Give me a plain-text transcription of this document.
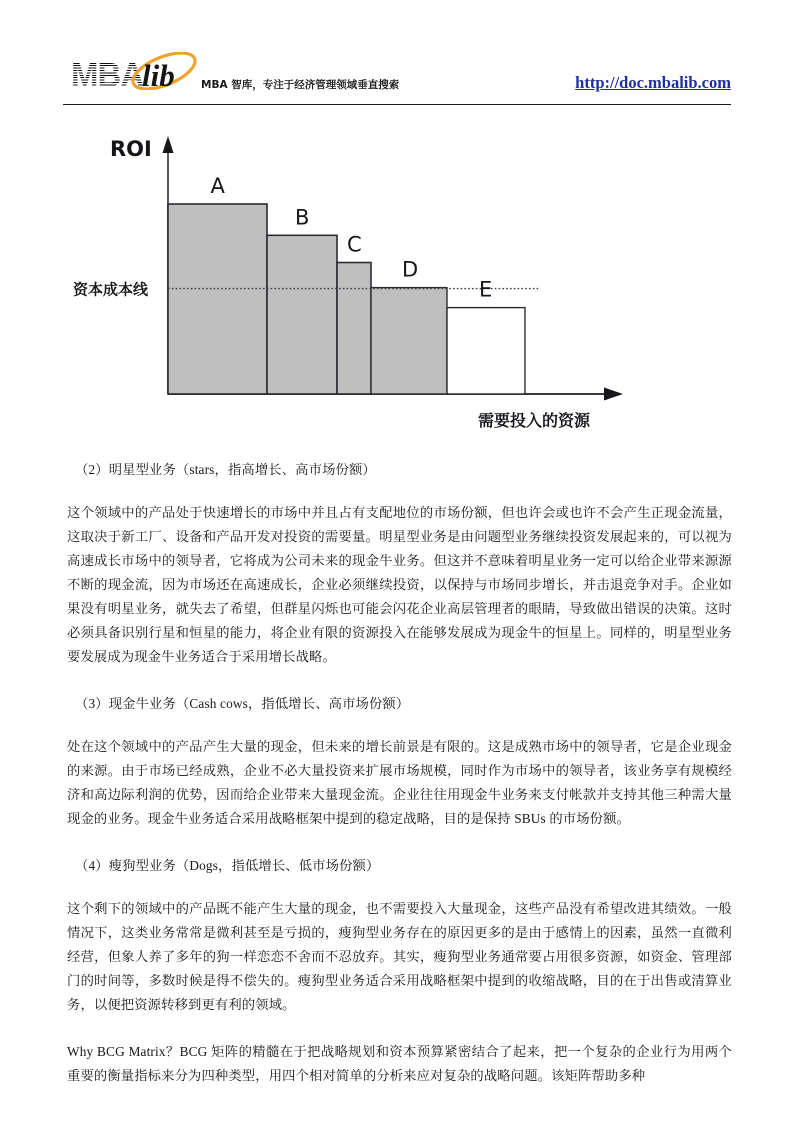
MBA
lib	MBA 智库，专注于经济管理领域垂直搜索	http://doc.mbalib.com
ROI
资本成本线
A
B
C
D
E
需要投入的资源

（2）明星型业务（stars，指高增长、高市场份额）

这个领域中的产品处于快速增长的市场中并且占有支配地位的市场份额，但也许会或也许不会产生正现金流量，这取决于新工厂、设备和产品开发对投资的需要量。明星型业务是由问题型业务继续投资发展起来的，可以视为高速成长市场中的领导者，它将成为公司未来的现金牛业务。但这并不意味着明星业务一定可以给企业带来源源不断的现金流，因为市场还在高速成长，企业必须继续投资，以保持与市场同步增长，并击退竞争对手。企业如果没有明星业务，就失去了希望，但群星闪烁也可能会闪花企业高层管理者的眼睛，导致做出错误的决策。这时必须具备识别行星和恒星的能力，将企业有限的资源投入在能够发展成为现金牛的恒星上。同样的，明星型业务要发展成为现金牛业务适合于采用增长战略。

（3）现金牛业务（Cash cows，指低增长、高市场份额）

处在这个领域中的产品产生大量的现金，但未来的增长前景是有限的。这是成熟市场中的领导者，它是企业现金的来源。由于市场已经成熟，企业不必大量投资来扩展市场规模，同时作为市场中的领导者，该业务享有规模经济和高边际利润的优势，因而给企业带来大量现金流。企业往往用现金牛业务来支付帐款并支持其他三种需大量现金的业务。现金牛业务适合采用战略框架中提到的稳定战略，目的是保持 SBUs 的市场份额。

（4）瘦狗型业务（Dogs，指低增长、低市场份额）

这个剩下的领域中的产品既不能产生大量的现金，也不需要投入大量现金，这些产品没有希望改进其绩效。一般情况下，这类业务常常是微利甚至是亏损的，瘦狗型业务存在的原因更多的是由于感情上的因素，虽然一直微利经营，但象人养了多年的狗一样恋恋不舍而不忍放弃。其实，瘦狗型业务通常要占用很多资源，如资金、管理部门的时间等，多数时候是得不偿失的。瘦狗型业务适合采用战略框架中提到的收缩战略，目的在于出售或清算业务，以便把资源转移到更有利的领域。

Why BCG Matrix？BCG 矩阵的精髓在于把战略规划和资本预算紧密结合了起来，把一个复杂的企业行为用两个重要的衡量指标来分为四种类型，用四个相对简单的分析来应对复杂的战略问题。该矩阵帮助多种
